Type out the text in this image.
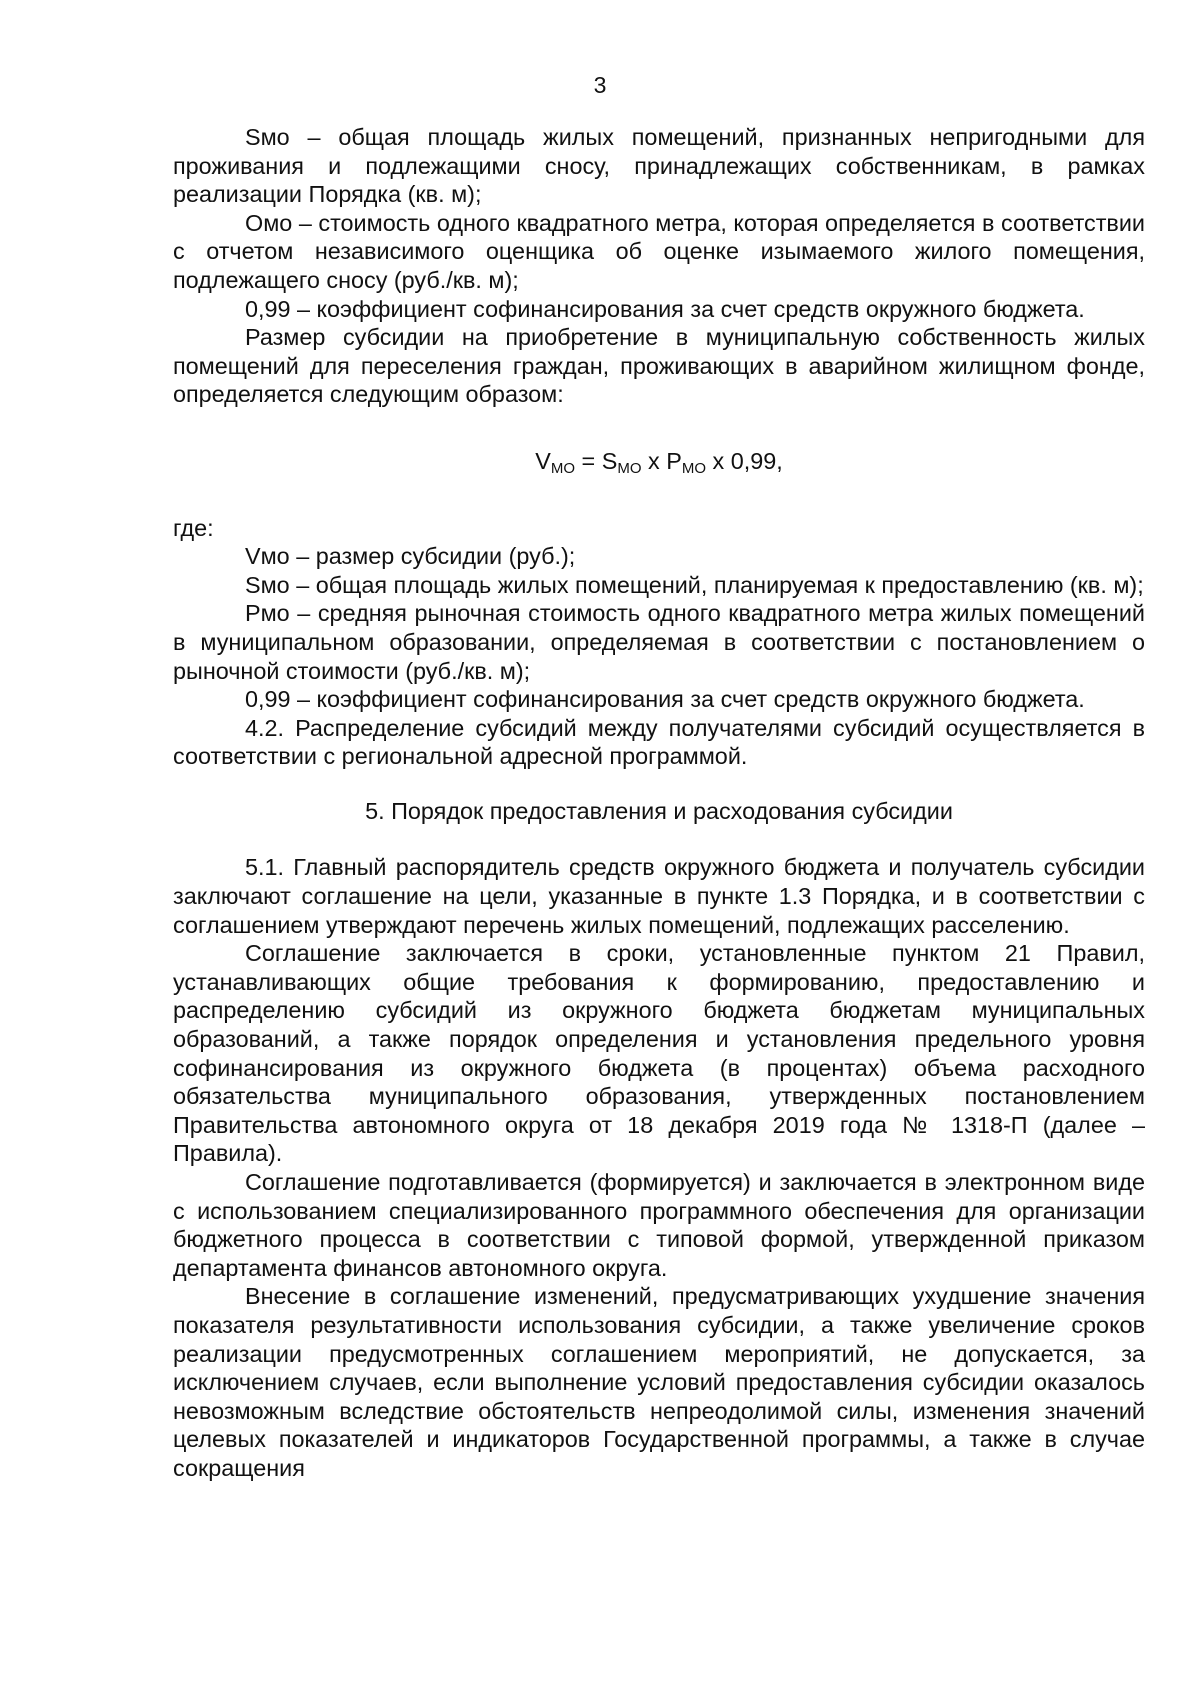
3

Sмо – общая площадь жилых помещений, признанных непригодными для проживания и подлежащими сносу, принадлежащих собственникам, в рамках реализации Порядка (кв. м);

Омо – стоимость одного квадратного метра, которая определяется в соответствии с отчетом независимого оценщика об оценке изымаемого жилого помещения, подлежащего сносу (руб./кв. м);

0,99 – коэффициент софинансирования за счет средств окружного бюджета.

Размер субсидии на приобретение в муниципальную собственность жилых помещений для переселения граждан, проживающих в аварийном жилищном фонде, определяется следующим образом:

$V_{МО} = S_{МО}$ x $P_{МО}$ x 0,99,

где:

Vмо – размер субсидии (руб.);

Sмо – общая площадь жилых помещений, планируемая к предоставлению (кв. м);

Рмо – средняя рыночная стоимость одного квадратного метра жилых помещений в муниципальном образовании, определяемая в соответствии с постановлением о рыночной стоимости (руб./кв. м);

0,99 – коэффициент софинансирования за счет средств окружного бюджета.

4.2. Распределение субсидий между получателями субсидий осуществляется в соответствии с региональной адресной программой.

5. Порядок предоставления и расходования субсидии

5.1. Главный распорядитель средств окружного бюджета и получатель субсидии заключают соглашение на цели, указанные в пункте 1.3 Порядка, и в соответствии с соглашением утверждают перечень жилых помещений, подлежащих расселению.

Соглашение заключается в сроки, установленные пунктом 21 Правил, устанавливающих общие требования к формированию, предоставлению и распределению субсидий из окружного бюджета бюджетам муниципальных образований, а также порядок определения и установления предельного уровня софинансирования из окружного бюджета (в процентах) объема расходного обязательства муниципального образования, утвержденных постановлением Правительства автономного округа от 18 декабря 2019 года № 1318-П (далее – Правила).

Соглашение подготавливается (формируется) и заключается в электронном виде с использованием специализированного программного обеспечения для организации бюджетного процесса в соответствии с типовой формой, утвержденной приказом департамента финансов автономного округа.

Внесение в соглашение изменений, предусматривающих ухудшение значения показателя результативности использования субсидии, а также увеличение сроков реализации предусмотренных соглашением мероприятий, не допускается, за исключением случаев, если выполнение условий предоставления субсидии оказалось невозможным вследствие обстоятельств непреодолимой силы, изменения значений целевых показателей и индикаторов Государственной программы, а также в случае сокращения
